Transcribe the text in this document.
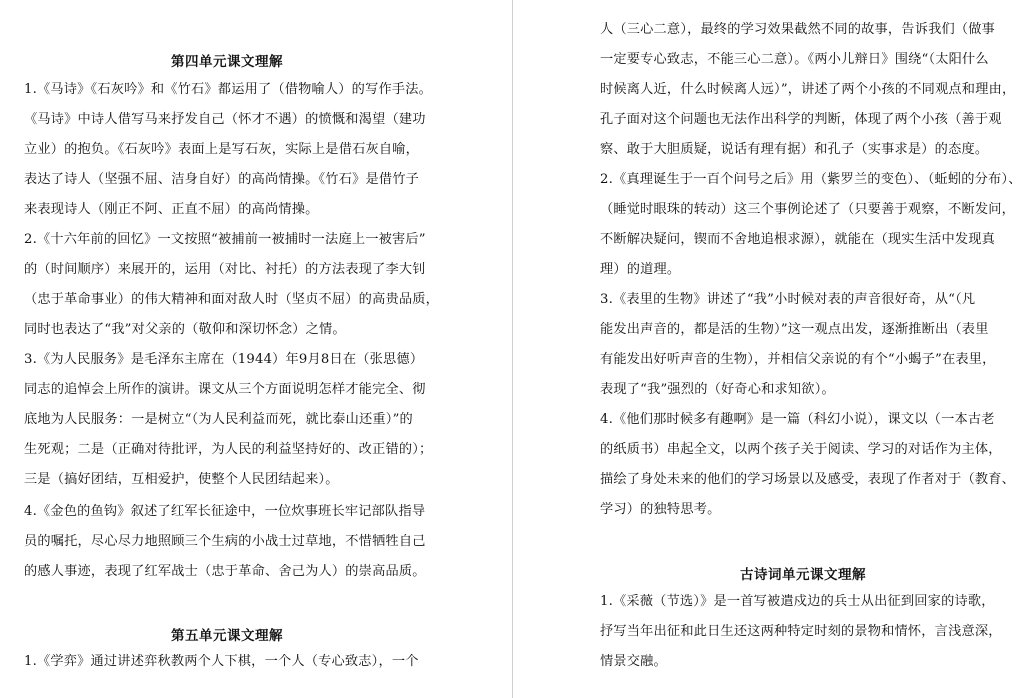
第四单元课文理解
1.《马诗》《石灰吟》和《竹石》都运用了（借物喻人）的写作手法。
《马诗》中诗人借写马来抒发自己（怀才不遇）的愤慨和渴望（建功
立业）的抱负。《石灰吟》表面上是写石灰，实际上是借石灰自喻，
表达了诗人（坚强不屈、洁身自好）的高尚情操。《竹石》是借竹子
来表现诗人（刚正不阿、正直不屈）的高尚情操。
2.《十六年前的回忆》一文按照“被捕前一被捕时一法庭上一被害后”
的（时间顺序）来展开的，运用（对比、衬托）的方法表现了李大钊
（忠于革命事业）的伟大精神和面对敌人时（坚贞不屈）的高贵品质，
同时也表达了“我”对父亲的（敬仰和深切怀念）之情。
3.《为人民服务》是毛泽东主席在（1944）年9月8日在（张思德）
同志的追悼会上所作的演讲。课文从三个方面说明怎样才能完全、彻
底地为人民服务：一是树立“（为人民利益而死，就比泰山还重）”的
生死观；二是（正确对待批评，为人民的利益坚持好的、改正错的）；
三是（搞好团结，互相爱护，使整个人民团结起来）。
4.《金色的鱼钩》叙述了红军长征途中，一位炊事班长牢记部队指导
员的嘱托，尽心尽力地照顾三个生病的小战士过草地，不惜牺牲自己
的感人事迹，表现了红军战士（忠于革命、舍己为人）的崇高品质。
第五单元课文理解
1.《学弈》通过讲述弈秋教两个人下棋，一个人（专心致志），一个
人（三心二意），最终的学习效果截然不同的故事，告诉我们（做事
一定要专心致志，不能三心二意）。《两小儿辩日》围绕“（太阳什么
时候离人近，什么时候离人远）”，讲述了两个小孩的不同观点和理由，
孔子面对这个问题也无法作出科学的判断，体现了两个小孩（善于观
察、敢于大胆质疑，说话有理有据）和孔子（实事求是）的态度。
2.《真理诞生于一百个问号之后》用（紫罗兰的变色）、（蚯蚓的分布）、
（睡觉时眼珠的转动）这三个事例论述了（只要善于观察，不断发问，
不断解决疑问，锲而不舍地追根求源），就能在（现实生活中发现真
理）的道理。
3.《表里的生物》讲述了“我”小时候对表的声音很好奇，从“（凡
能发出声音的，都是活的生物）”这一观点出发，逐渐推断出（表里
有能发出好听声音的生物），并相信父亲说的有个“小蝎子”在表里，
表现了“我”强烈的（好奇心和求知欲）。
4.《他们那时候多有趣啊》是一篇（科幻小说），课文以（一本古老
的纸质书）串起全文，以两个孩子关于阅读、学习的对话作为主体，
描绘了身处未来的他们的学习场景以及感受，表现了作者对于（教育、
学习）的独特思考。
古诗词单元课文理解
1.《采薇（节选）》是一首写被遣戍边的兵士从出征到回家的诗歌，
抒写当年出征和此日生还这两种特定时刻的景物和情怀，言浅意深，
情景交融。
